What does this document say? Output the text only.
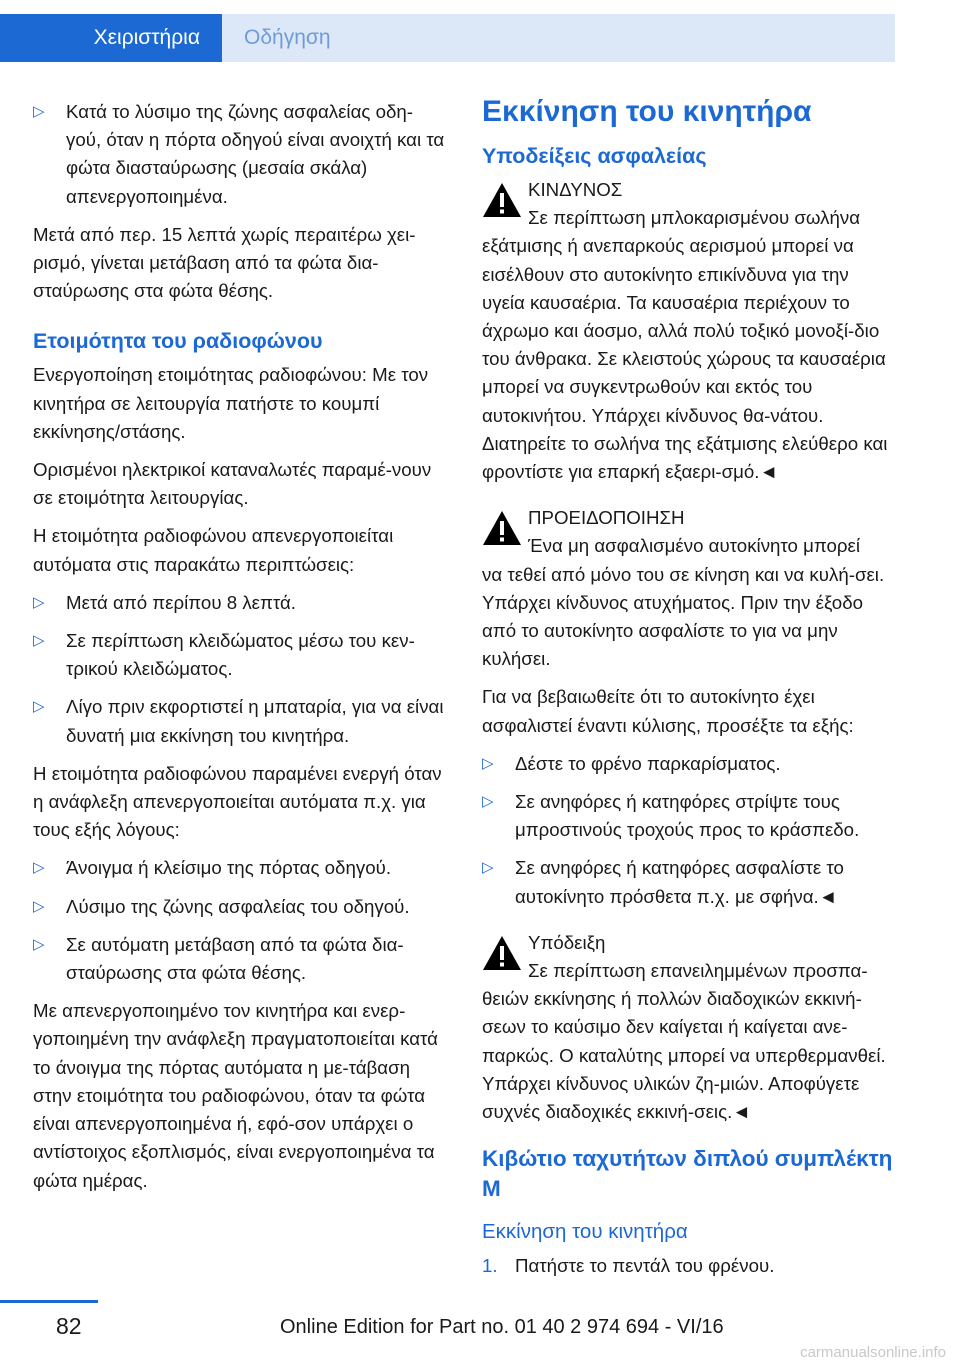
Χειριστήρια	Οδήγηση
▷ Κατά το λύσιμο της ζώνης ασφαλείας οδη‐γού, όταν η πόρτα οδηγού είναι ανοιχτή και τα φώτα διασταύρωσης (μεσαία σκάλα) απενεργοποιημένα.

Μετά από περ. 15 λεπτά χωρίς περαιτέρω χει‐ρισμό, γίνεται μετάβαση από τα φώτα δια‐σταύρωσης στα φώτα θέσης.

Ετοιμότητα του ραδιοφώνου

Ενεργοποίηση ετοιμότητας ραδιοφώνου: Με τον κινητήρα σε λειτουργία πατήστε το κουμπί εκκίνησης/στάσης.

Ορισμένοι ηλεκτρικοί καταναλωτές παραμέ‐νουν σε ετοιμότητα λειτουργίας.

Η ετοιμότητα ραδιοφώνου απενεργοποιείται αυτόματα στις παρακάτω περιπτώσεις:

▷ Μετά από περίπου 8 λεπτά.
▷ Σε περίπτωση κλειδώματος μέσω του κεν‐τρικού κλειδώματος.
▷ Λίγο πριν εκφορτιστεί η μπαταρία, για να είναι δυνατή μια εκκίνηση του κινητήρα.

Η ετοιμότητα ραδιοφώνου παραμένει ενεργή όταν η ανάφλεξη απενεργοποιείται αυτόματα π.χ. για τους εξής λόγους:

▷ Άνοιγμα ή κλείσιμο της πόρτας οδηγού.
▷ Λύσιμο της ζώνης ασφαλείας του οδηγού.
▷ Σε αυτόματη μετάβαση από τα φώτα δια‐σταύρωσης στα φώτα θέσης.

Με απενεργοποιημένο τον κινητήρα και ενερ‐γοποιημένη την ανάφλεξη πραγματοποιείται κατά το άνοιγμα της πόρτας αυτόματα η με‐τάβαση στην ετοιμότητα του ραδιοφώνου, όταν τα φώτα είναι απενεργοποιημένα ή, εφό‐σον υπάρχει ο αντίστοιχος εξοπλισμός, είναι ενεργοποιημένα τα φώτα ημέρας.

Εκκίνηση του κινητήρα
Υποδείξεις ασφαλείας
ΚΙΝΔΥΝΟΣ
Σε περίπτωση μπλοκαρισμένου σωλήνα
εξάτμισης ή ανεπαρκούς αερισμού μπορεί να εισέλθουν στο αυτοκίνητο επικίνδυνα για την υγεία καυσαέρια. Τα καυσαέρια περιέχουν το άχρωμο και άοσμο, αλλά πολύ τοξικό μονοξί‐διο του άνθρακα. Σε κλειστούς χώρους τα καυσαέρια μπορεί να συγκεντρωθούν και εκτός του αυτοκινήτου. Υπάρχει κίνδυνος θα‐νάτου. Διατηρείτε το σωλήνα της εξάτμισης ελεύθερο και φροντίστε για επαρκή εξαερι‐σμό.◄
ΠΡΟΕΙΔΟΠΟΙΗΣΗ
Ένα μη ασφαλισμένο αυτοκίνητο μπορεί
να τεθεί από μόνο του σε κίνηση και να κυλή‐σει. Υπάρχει κίνδυνος ατυχήματος. Πριν την έξοδο από το αυτοκίνητο ασφαλίστε το για να μην κυλήσει.

Για να βεβαιωθείτε ότι το αυτοκίνητο έχει ασφαλιστεί έναντι κύλισης, προσέξτε τα εξής:

▷ Δέστε το φρένο παρκαρίσματος.
▷ Σε ανηφόρες ή κατηφόρες στρίψτε τους μπροστινούς τροχούς προς το κράσπεδο.
▷ Σε ανηφόρες ή κατηφόρες ασφαλίστε το αυτοκίνητο πρόσθετα π.χ. με σφήνα.◄
Υπόδειξη
Σε περίπτωση επανειλημμένων προσπα‐
θειών εκκίνησης ή πολλών διαδοχικών εκκινή‐σεων το καύσιμο δεν καίγεται ή καίγεται ανε‐παρκώς. Ο καταλύτης μπορεί να υπερθερμανθεί. Υπάρχει κίνδυνος υλικών ζη‐μιών. Αποφύγετε συχνές διαδοχικές εκκινή‐σεις.◄
Κιβώτιο ταχυτήτων διπλού συμπλέκτη M
Εκκίνηση του κινητήρα
1. Πατήστε το πεντάλ του φρένου.
82	Online Edition for Part no. 01 40 2 974 694 - VI/16
carmanualsonline.info
